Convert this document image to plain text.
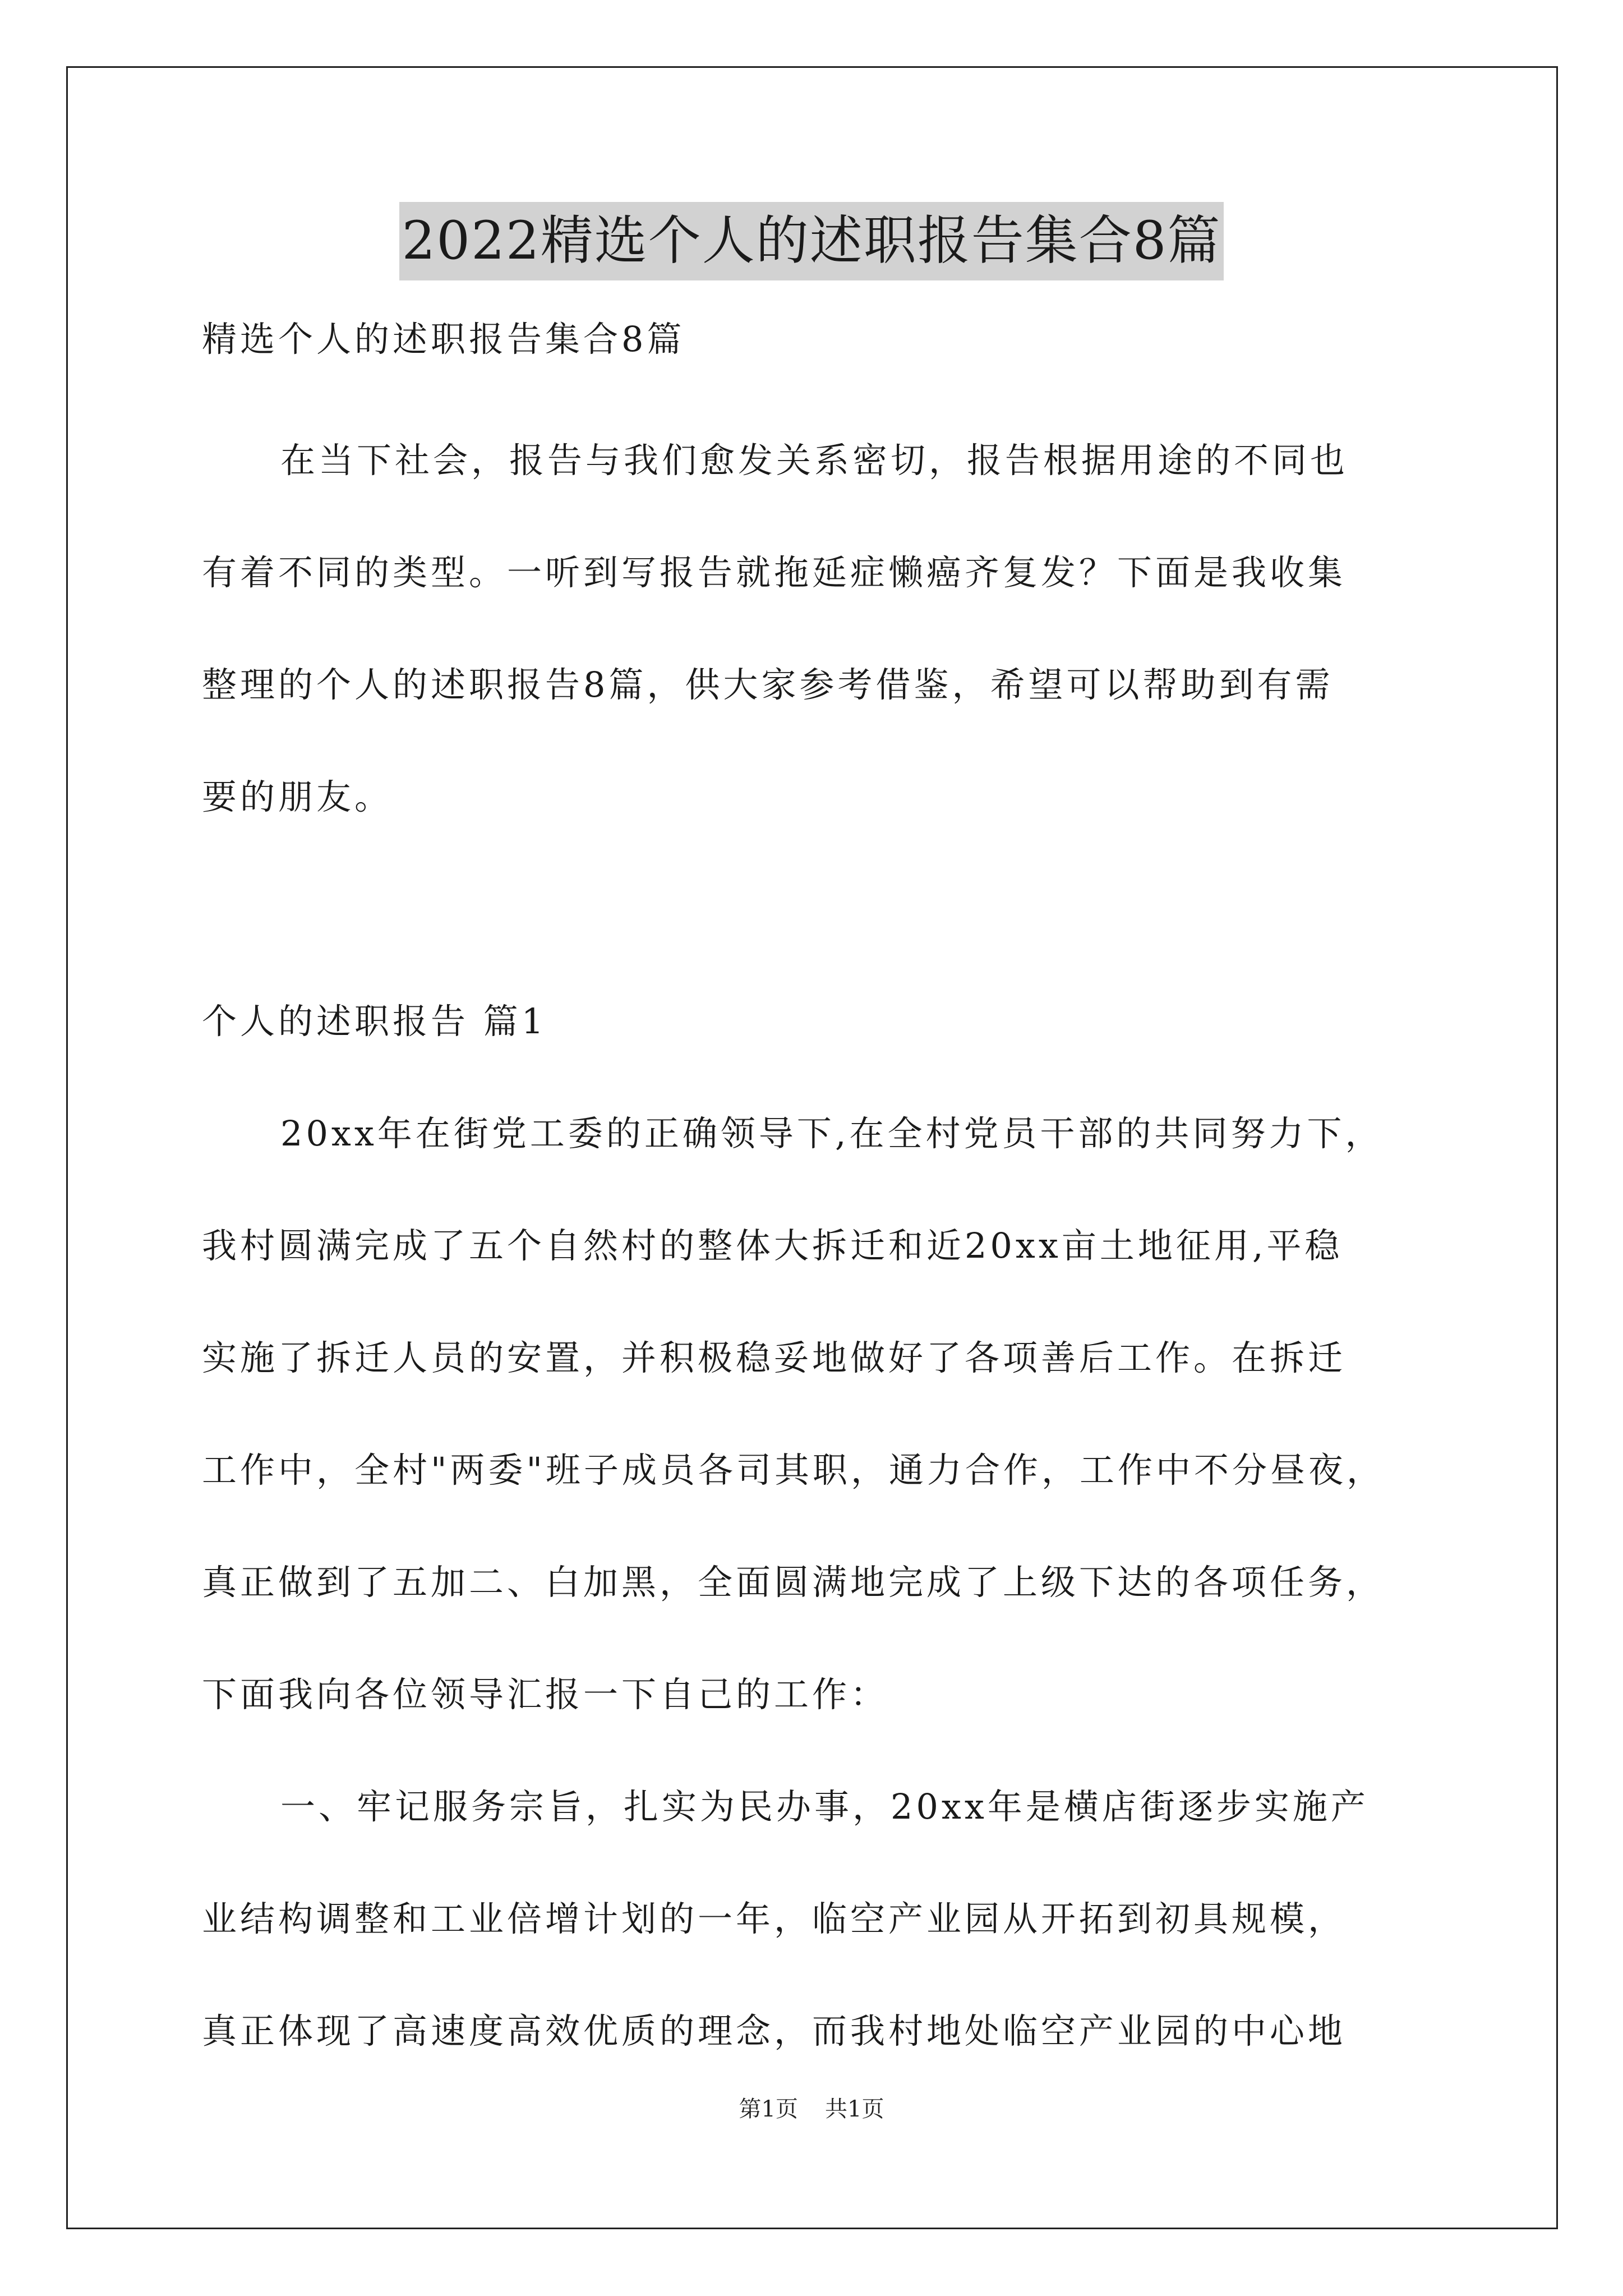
2022精选个人的述职报告集合8篇
精选个人的述职报告集合8篇
在当下社会，报告与我们愈发关系密切，报告根据用途的不同也
有着不同的类型。一听到写报告就拖延症懒癌齐复发？下面是我收集
整理的个人的述职报告8篇，供大家参考借鉴，希望可以帮助到有需
要的朋友。
个人的述职报告 篇1
20xx年在街党工委的正确领导下,在全村党员干部的共同努力下，
我村圆满完成了五个自然村的整体大拆迁和近20xx亩土地征用,平稳
实施了拆迁人员的安置，并积极稳妥地做好了各项善后工作。在拆迁
工作中，全村"两委"班子成员各司其职，通力合作，工作中不分昼夜，
真正做到了五加二、白加黑，全面圆满地完成了上级下达的各项任务，
下面我向各位领导汇报一下自己的工作：
一、牢记服务宗旨，扎实为民办事，20xx年是横店街逐步实施产
业结构调整和工业倍增计划的一年，临空产业园从开拓到初具规模，
真正体现了高速度高效优质的理念，而我村地处临空产业园的中心地
第1页 共1页
